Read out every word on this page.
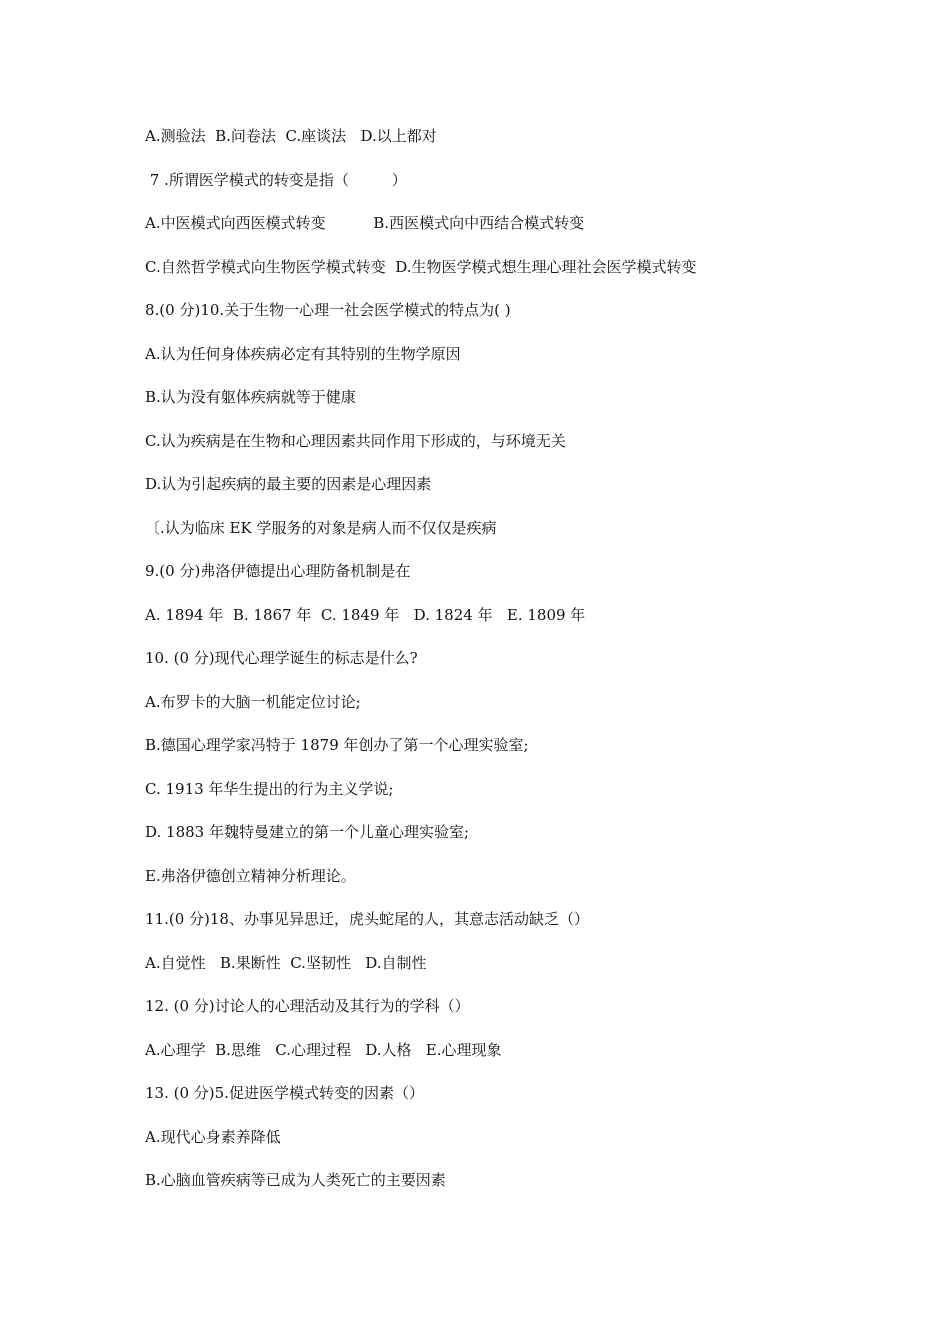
A.测验法  B.问卷法  C.座谈法   D.以上都对
7 .所谓医学模式的转变是指（         ）
A.中医模式向西医模式转变          B.西医模式向中西结合模式转变
C.自然哲学模式向生物医学模式转变  D.生物医学模式想生理心理社会医学模式转变
8.(0 分)10.关于生物一心理一社会医学模式的特点为( )
A.认为任何身体疾病必定有其特别的生物学原因
B.认为没有躯体疾病就等于健康
C.认为疾病是在生物和心理因素共同作用下形成的，与环境无关
D.认为引起疾病的最主要的因素是心理因素
〔.认为临床 EK 学服务的对象是病人而不仅仅是疾病
9.(0 分)弗洛伊德提出心理防备机制是在
A. 1894 年  B. 1867 年  C. 1849 年   D. 1824 年   E. 1809 年
10. (0 分)现代心理学诞生的标志是什么?
A.布罗卡的大脑一机能定位讨论;
B.德国心理学家冯特于 1879 年创办了第一个心理实验室;
C. 1913 年华生提出的行为主义学说;
D. 1883 年魏特曼建立的第一个儿童心理实验室;
E.弗洛伊德创立精神分析理论。
11.(0 分)18、办事见异思迁，虎头蛇尾的人，其意志活动缺乏（）
A.自觉性   B.果断性  C.坚韧性   D.自制性
12. (0 分)讨论人的心理活动及其行为的学科（）
A.心理学  B.思维   C.心理过程   D.人格   E.心理现象
13. (0 分)5.促进医学模式转变的因素（）
A.现代心身素养降低
B.心脑血管疾病等已成为人类死亡的主要因素
